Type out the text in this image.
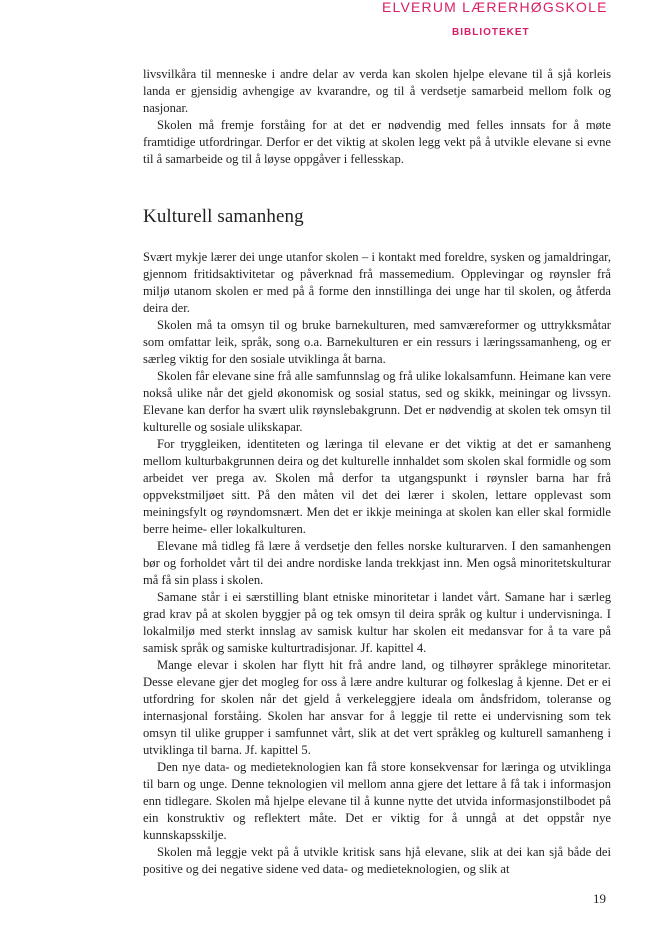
ELVERUM LÆRERHØGSKOLE
BIBLIOTEKET

livsvilkåra til menneske i andre delar av verda kan skolen hjelpe elevane til å sjå korleis landa er gjensidig avhengige av kvarandre, og til å verdsetje samarbeid mellom folk og nasjonar.

Skolen må fremje forståing for at det er nødvendig med felles innsats for å møte framtidige utfordringar. Derfor er det viktig at skolen legg vekt på å utvikle elevane si evne til å samarbeide og til å løyse oppgåver i fellesskap.

Kulturell samanheng

Svært mykje lærer dei unge utanfor skolen – i kontakt med foreldre, sysken og jamaldringar, gjennom fritidsaktivitetar og påverknad frå massemedium. Opplevingar og røynsler frå miljø utanom skolen er med på å forme den innstillinga dei unge har til skolen, og åtferda deira der.

Skolen må ta omsyn til og bruke barnekulturen, med samværeformer og uttrykksmåtar som omfattar leik, språk, song o.a. Barnekulturen er ein ressurs i læringssamanheng, og er særleg viktig for den sosiale utviklinga åt barna.

Skolen får elevane sine frå alle samfunnslag og frå ulike lokalsamfunn. Heimane kan vere nokså ulike når det gjeld økonomisk og sosial status, sed og skikk, meiningar og livssyn. Elevane kan derfor ha svært ulik røynslebakgrunn. Det er nødvendig at skolen tek omsyn til kulturelle og sosiale ulikskapar.

For tryggleiken, identiteten og læringa til elevane er det viktig at det er samanheng mellom kulturbakgrunnen deira og det kulturelle innhaldet som skolen skal formidle og som arbeidet ver prega av. Skolen må derfor ta utgangspunkt i røynsler barna har frå oppvekstmiljøet sitt. På den måten vil det dei lærer i skolen, lettare opplevast som meiningsfylt og røyndomsnært. Men det er ikkje meininga at skolen kan eller skal formidle berre heime- eller lokalkulturen.

Elevane må tidleg få lære å verdsetje den felles norske kulturarven. I den samanhengen bør og forholdet vårt til dei andre nordiske landa trekkjast inn. Men også minoritetskulturar må få sin plass i skolen.

Samane står i ei særstilling blant etniske minoritetar i landet vårt. Samane har i særleg grad krav på at skolen byggjer på og tek omsyn til deira språk og kultur i undervisninga. I lokalmiljø med sterkt innslag av samisk kultur har skolen eit medansvar for å ta vare på samisk språk og samiske kulturtradisjonar. Jf. kapittel 4.

Mange elevar i skolen har flytt hit frå andre land, og tilhøyrer språklege minoritetar. Desse elevane gjer det mogleg for oss å lære andre kulturar og folkeslag å kjenne. Det er ei utfordring for skolen når det gjeld å verkeleggjere ideala om åndsfridom, toleranse og internasjonal forståing. Skolen har ansvar for å leggje til rette ei undervisning som tek omsyn til ulike grupper i samfunnet vårt, slik at det vert språkleg og kulturell samanheng i utviklinga til barna. Jf. kapittel 5.

Den nye data- og medieteknologien kan få store konsekvensar for læringa og utviklinga til barn og unge. Denne teknologien vil mellom anna gjere det lettare å få tak i informasjon enn tidlegare. Skolen må hjelpe elevane til å kunne nytte det utvida informasjonstilbodet på ein konstruktiv og reflektert måte. Det er viktig for å unngå at det oppstår nye kunnskapsskilje.

Skolen må leggje vekt på å utvikle kritisk sans hjå elevane, slik at dei kan sjå både dei positive og dei negative sidene ved data- og medieteknologien, og slik at

19
